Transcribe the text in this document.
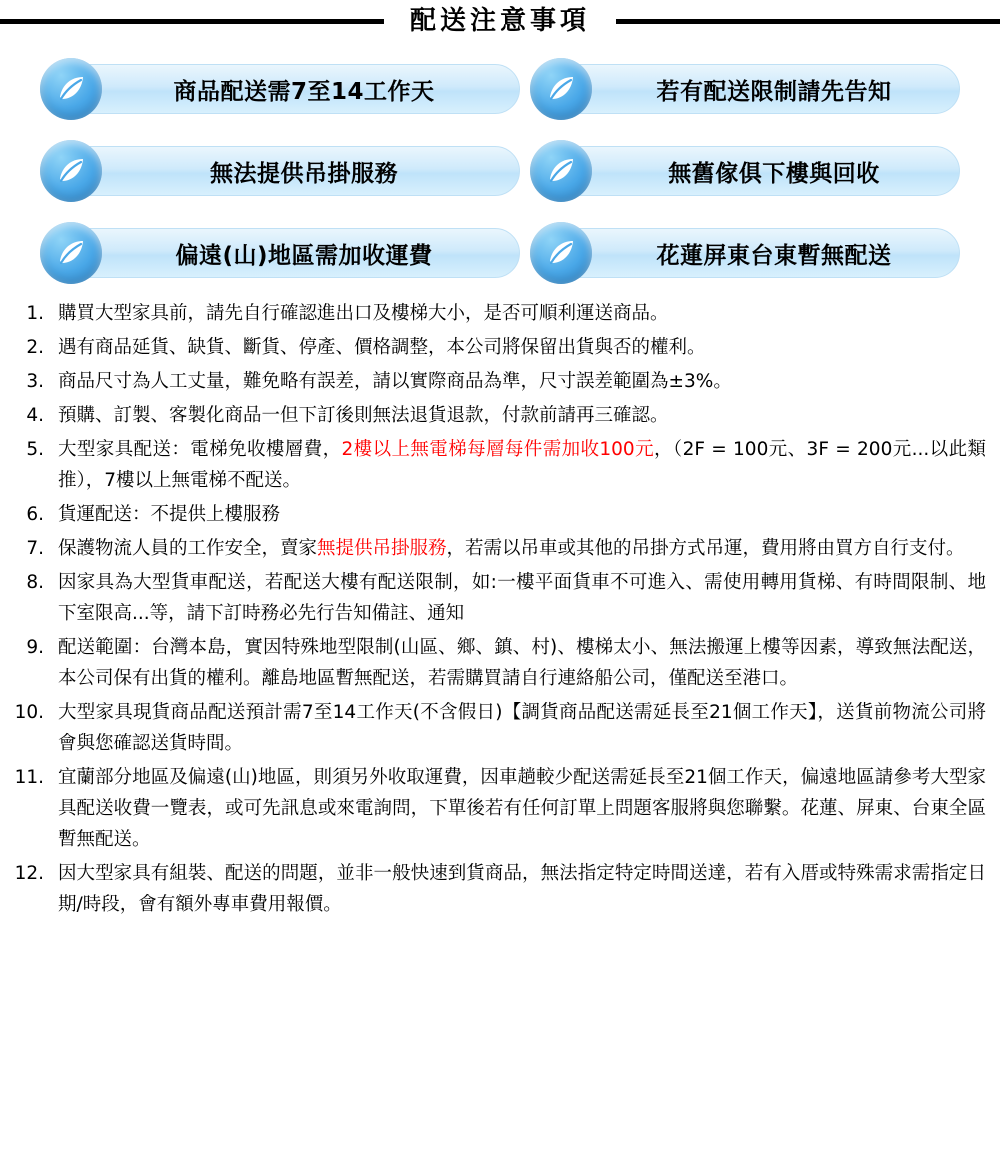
配送注意事項
商品配送需7至14工作天	若有配送限制請先告知
無法提供吊掛服務	無舊傢俱下樓與回收
偏遠(山)地區需加收運費	花蓮屏東台東暫無配送
購買大型家具前，請先自行確認進出口及樓梯大小，是否可順利運送商品。
遇有商品延貨、缺貨、斷貨、停產、價格調整，本公司將保留出貨與否的權利。
商品尺寸為人工丈量，難免略有誤差，請以實際商品為準，尺寸誤差範圍為±3%。
預購、訂製、客製化商品一但下訂後則無法退貨退款，付款前請再三確認。
大型家具配送：電梯免收樓層費，2樓以上無電梯每層每件需加收100元，（2F = 100元、3F = 200元...以此類推），7樓以上無電梯不配送。
貨運配送：不提供上樓服務
保護物流人員的工作安全，賣家無提供吊掛服務，若需以吊車或其他的吊掛方式吊運，費用將由買方自行支付。
因家具為大型貨車配送，若配送大樓有配送限制，如:一樓平面貨車不可進入、需使用轉用貨梯、有時間限制、地下室限高...等，請下訂時務必先行告知備註、通知
配送範圍：台灣本島，實因特殊地型限制(山區、鄉、鎮、村)、樓梯太小、無法搬運上樓等因素，導致無法配送，本公司保有出貨的權利。離島地區暫無配送，若需購買請自行連絡船公司，僅配送至港口。
大型家具現貨商品配送預計需7至14工作天(不含假日)【調貨商品配送需延長至21個工作天】，送貨前物流公司將會與您確認送貨時間。
宜蘭部分地區及偏遠(山)地區，則須另外收取運費，因車趟較少配送需延長至21個工作天，偏遠地區請參考大型家具配送收費一覽表，或可先訊息或來電詢問，下單後若有任何訂單上問題客服將與您聯繫。花蓮、屏東、台東全區暫無配送。
因大型家具有組裝、配送的問題，並非一般快速到貨商品，無法指定特定時間送達，若有入厝或特殊需求需指定日期/時段，會有額外專車費用報價。
